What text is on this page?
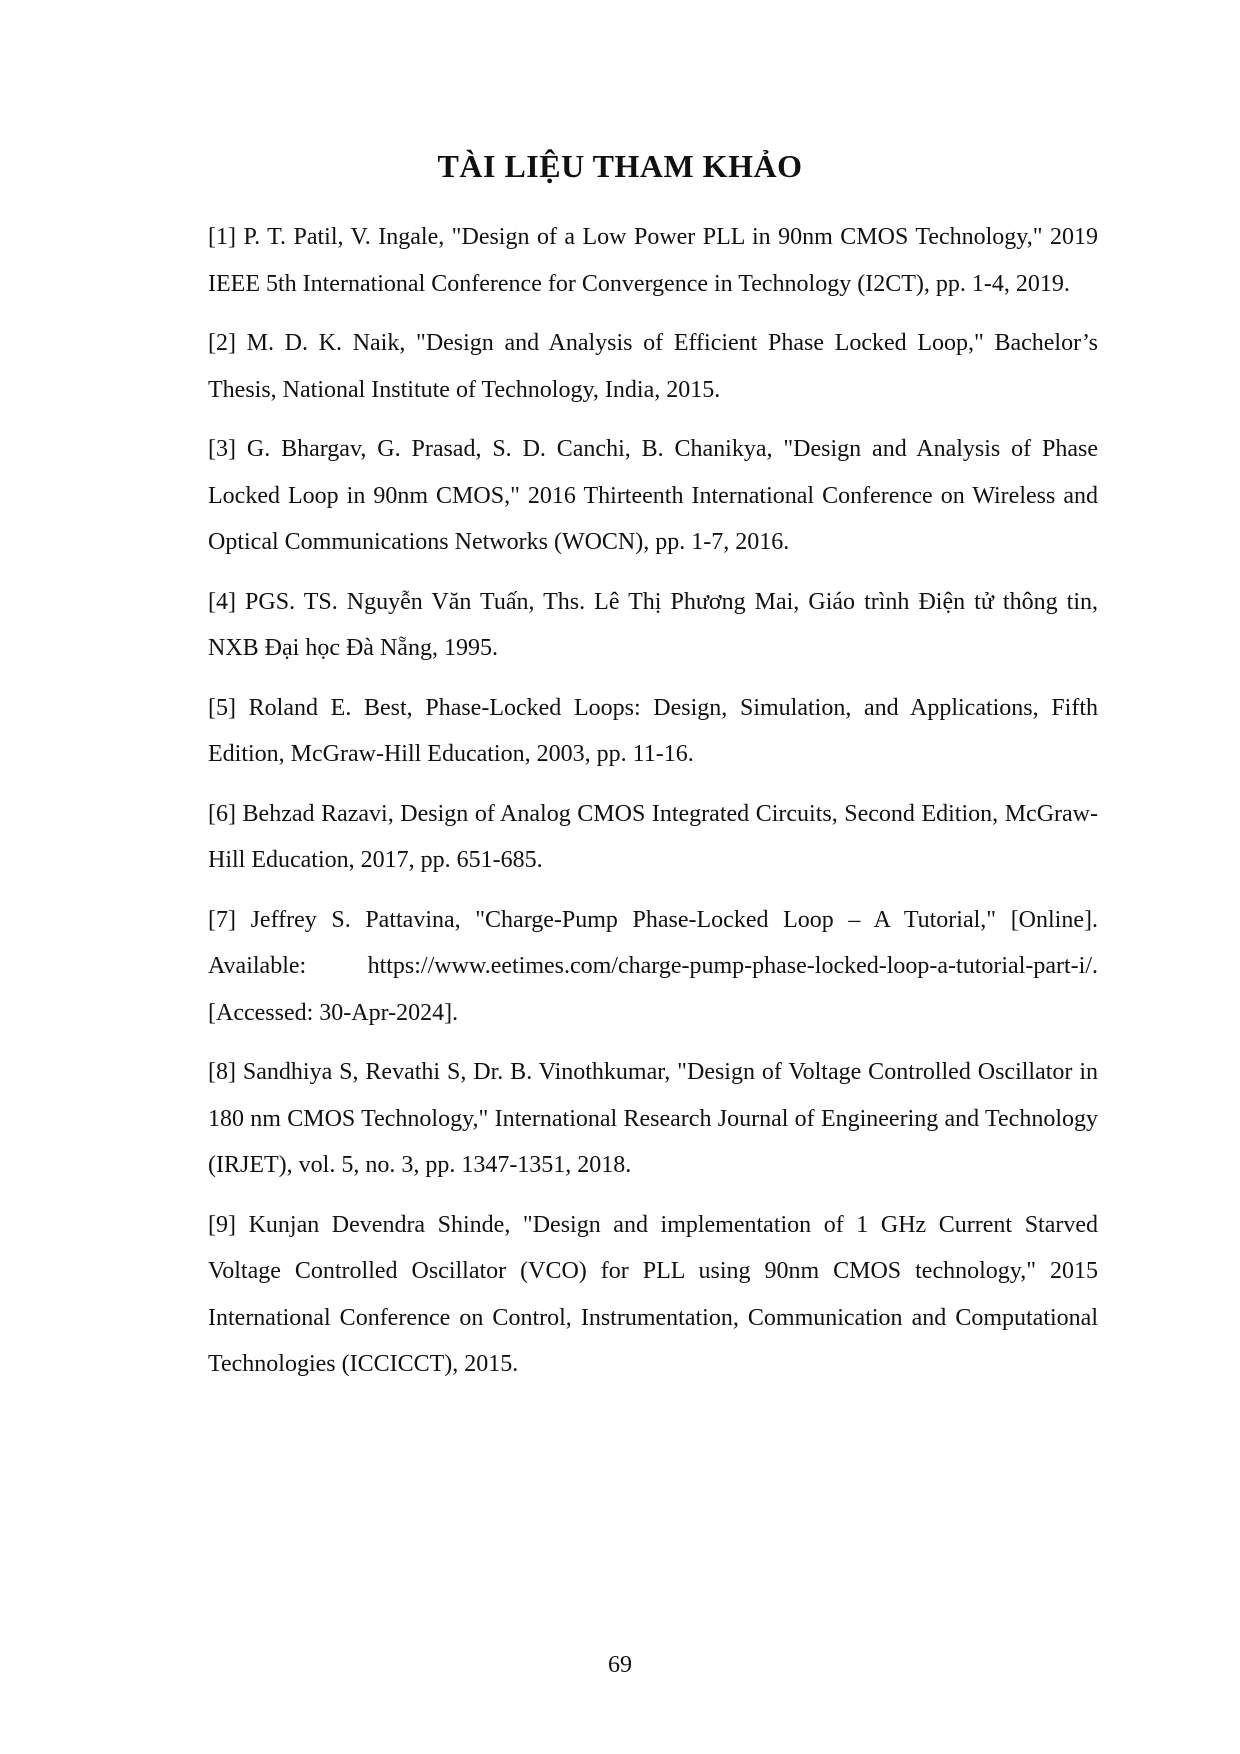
TÀI LIỆU THAM KHẢO
[1] P. T. Patil, V. Ingale, "Design of a Low Power PLL in 90nm CMOS Technology," 2019 IEEE 5th International Conference for Convergence in Technology (I2CT), pp. 1-4, 2019.
[2] M. D. K. Naik, "Design and Analysis of Efficient Phase Locked Loop," Bachelor’s Thesis, National Institute of Technology, India, 2015.
[3] G. Bhargav, G. Prasad, S. D. Canchi, B. Chanikya, "Design and Analysis of Phase Locked Loop in 90nm CMOS," 2016 Thirteenth International Conference on Wireless and Optical Communications Networks (WOCN), pp. 1-7, 2016.
[4] PGS. TS. Nguyễn Văn Tuấn, Ths. Lê Thị Phương Mai, Giáo trình Điện tử thông tin, NXB Đại học Đà Nẵng, 1995.
[5] Roland E. Best, Phase-Locked Loops: Design, Simulation, and Applications, Fifth Edition, McGraw-Hill Education, 2003, pp. 11-16.
[6] Behzad Razavi, Design of Analog CMOS Integrated Circuits, Second Edition, McGraw-Hill Education, 2017, pp. 651-685.
[7] Jeffrey S. Pattavina, "Charge-Pump Phase-Locked Loop – A Tutorial," [Online]. Available: https://www.eetimes.com/charge-pump-phase-locked-loop-a-tutorial-part-i/. [Accessed: 30-Apr-2024].
[8] Sandhiya S, Revathi S, Dr. B. Vinothkumar, "Design of Voltage Controlled Oscillator in 180 nm CMOS Technology," International Research Journal of Engineering and Technology (IRJET), vol. 5, no. 3, pp. 1347-1351, 2018.
[9] Kunjan Devendra Shinde, "Design and implementation of 1 GHz Current Starved Voltage Controlled Oscillator (VCO) for PLL using 90nm CMOS technology," 2015 International Conference on Control, Instrumentation, Communication and Computational Technologies (ICCICCT), 2015.
69
